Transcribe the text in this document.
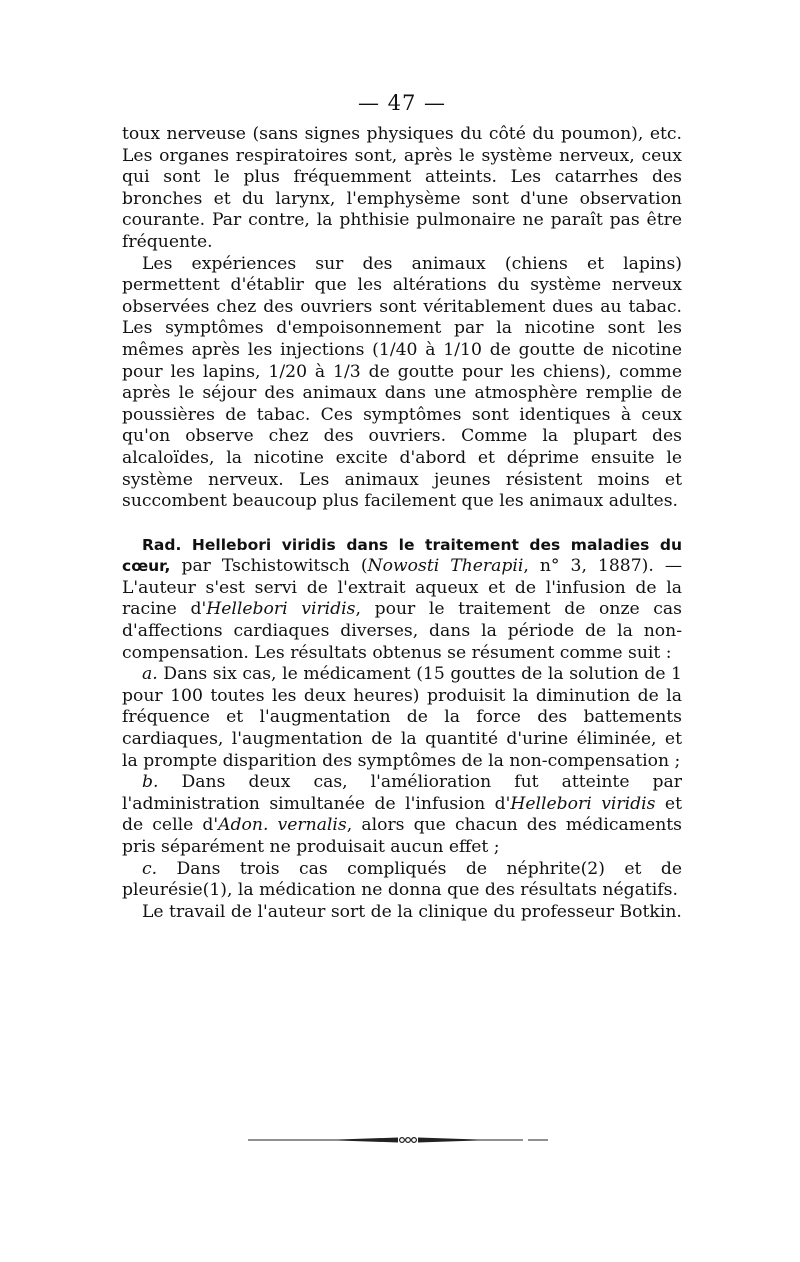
— 47 —

toux nerveuse (sans signes physiques du côté du poumon), etc. Les organes respiratoires sont, après le système nerveux, ceux qui sont le plus fréquemment atteints. Les catarrhes des bronches et du larynx, l'emphysème sont d'une observation courante. Par contre, la phthisie pulmonaire ne paraît pas être fréquente.

Les expériences sur des animaux (chiens et lapins) permettent d'établir que les altérations du système nerveux observées chez des ouvriers sont véritablement dues au tabac. Les symptômes d'empoisonnement par la nicotine sont les mêmes après les injections (1/40 à 1/10 de goutte de nicotine pour les lapins, 1/20 à 1/3 de goutte pour les chiens), comme après le séjour des animaux dans une atmosphère remplie de poussières de tabac. Ces symptômes sont identiques à ceux qu'on observe chez des ouvriers. Comme la plupart des alcaloïdes, la nicotine excite d'abord et déprime ensuite le système nerveux. Les animaux jeunes résistent moins et succombent beaucoup plus facilement que les animaux adultes.

Rad. Hellebori viridis dans le traitement des maladies du cœur, par Tschistowitsch (Nowosti Therapii, n° 3, 1887). — L'auteur s'est servi de l'extrait aqueux et de l'infusion de la racine d'Hellebori viridis, pour le traitement de onze cas d'affections cardiaques diverses, dans la période de la non-compensation. Les résultats obtenus se résument comme suit :

a. Dans six cas, le médicament (15 gouttes de la solution de 1 pour 100 toutes les deux heures) produisit la diminution de la fréquence et l'augmentation de la force des battements cardiaques, l'augmentation de la quantité d'urine éliminée, et la prompte disparition des symptômes de la non-compensation ;

b. Dans deux cas, l'amélioration fut atteinte par l'administration simultanée de l'infusion d'Hellebori viridis et de celle d'Adon. vernalis, alors que chacun des médicaments pris séparément ne produisait aucun effet ;

c. Dans trois cas compliqués de néphrite(2) et de pleurésie(1), la médication ne donna que des résultats négatifs.

Le travail de l'auteur sort de la clinique du professeur Botkin.
